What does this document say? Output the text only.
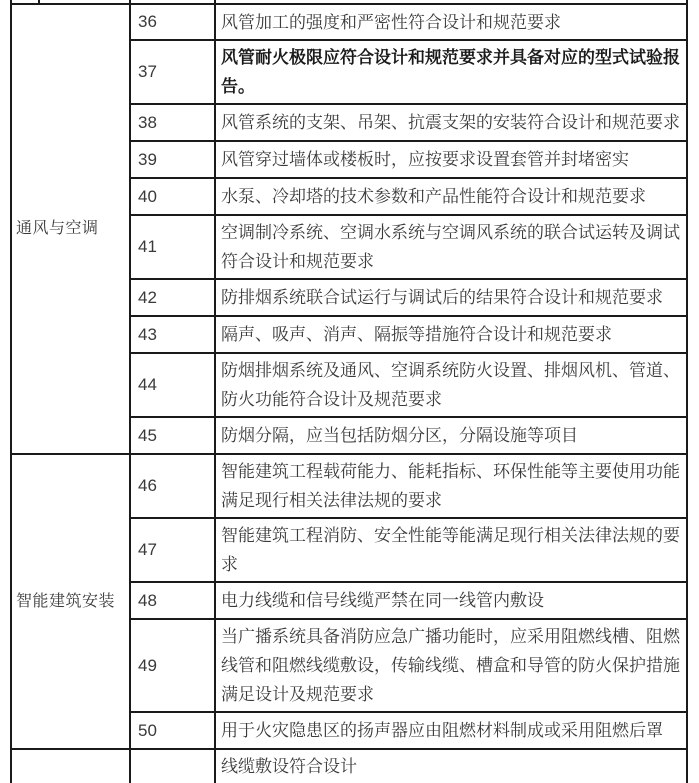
通风与空调		36	风管加工的强度和严密性符合设计和规范要求
		37	风管耐火极限应符合设计和规范要求并具备对应的型式试验报告。
		38	风管系统的支架、吊架、抗震支架的安装符合设计和规范要求
		39	风管穿过墙体或楼板时，应按要求设置套管并封堵密实
		40	水泵、冷却塔的技术参数和产品性能符合设计和规范要求
		41	空调制冷系统、空调水系统与空调风系统的联合试运转及调试符合设计和规范要求
		42	防排烟系统联合试运行与调试后的结果符合设计和规范要求
		43	隔声、吸声、消声、隔振等措施符合设计和规范要求
		44	防烟排烟系统及通风、空调系统防火设置、排烟风机、管道、防火功能符合设计及规范要求
		45	防烟分隔，应当包括防烟分区，分隔设施等项目
智能建筑安装		46	智能建筑工程载荷能力、能耗指标、环保性能等主要使用功能满足现行相关法律法规的要求
		47	智能建筑工程消防、安全性能等能满足现行相关法律法规的要求
		48	电力线缆和信号线缆严禁在同一线管内敷设
		49	当广播系统具备消防应急广播功能时，应采用阻燃线槽、阻燃线管和阻燃线缆敷设，传输线缆、槽盒和导管的防火保护措施满足设计及规范要求
		50	用于火灾隐患区的扬声器应由阻燃材料制成或采用阻燃后罩

			线缆敷设符合设计
